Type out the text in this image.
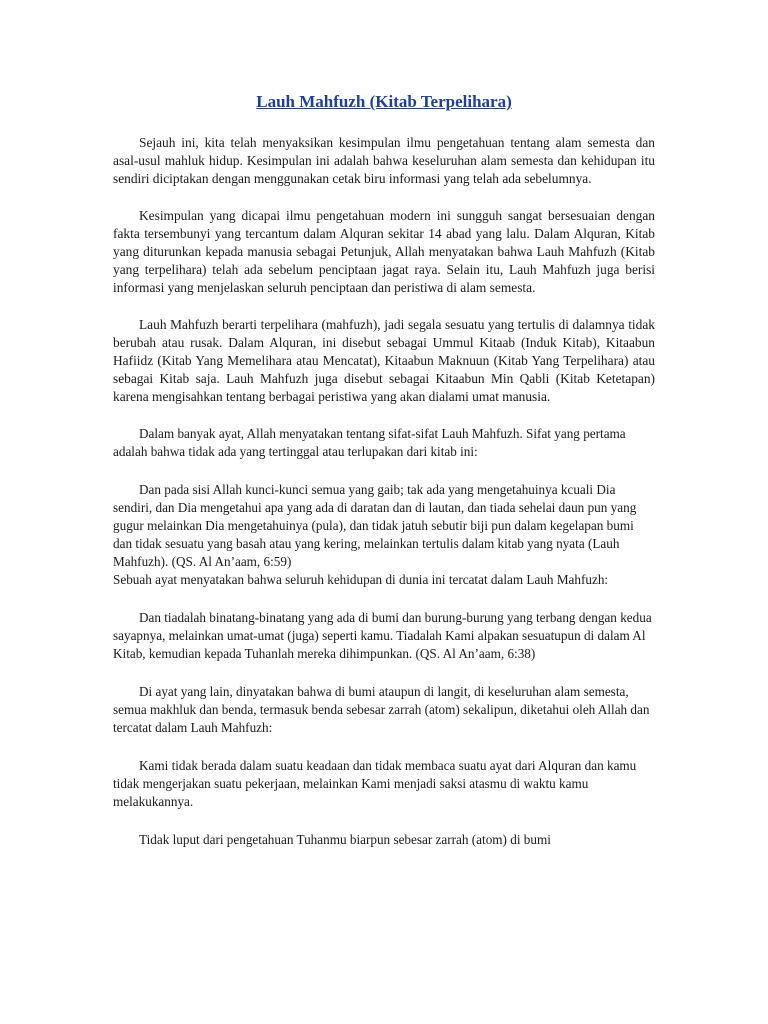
Lauh Mahfuzh (Kitab Terpelihara)

Sejauh ini, kita telah menyaksikan kesimpulan ilmu pengetahuan tentang alam semesta dan asal-usul mahluk hidup. Kesimpulan ini adalah bahwa keseluruhan alam semesta dan kehidupan itu sendiri diciptakan dengan menggunakan cetak biru informasi yang telah ada sebelumnya.

Kesimpulan yang dicapai ilmu pengetahuan modern ini sungguh sangat bersesuaian dengan fakta tersembunyi yang tercantum dalam Alquran sekitar 14 abad yang lalu. Dalam Alquran, Kitab yang diturunkan kepada manusia sebagai Petunjuk, Allah menyatakan bahwa Lauh Mahfuzh (Kitab yang terpelihara) telah ada sebelum penciptaan jagat raya. Selain itu, Lauh Mahfuzh juga berisi informasi yang menjelaskan seluruh penciptaan dan peristiwa di alam semesta.

Lauh Mahfuzh berarti terpelihara (mahfuzh), jadi segala sesuatu yang tertulis di dalamnya tidak berubah atau rusak. Dalam Alquran, ini disebut sebagai Ummul Kitaab (Induk Kitab), Kitaabun Hafiidz (Kitab Yang Memelihara atau Mencatat), Kitaabun Maknuun (Kitab Yang Terpelihara) atau sebagai Kitab saja. Lauh Mahfuzh juga disebut sebagai Kitaabun Min Qabli (Kitab Ketetapan) karena mengisahkan tentang berbagai peristiwa yang akan dialami umat manusia.

Dalam banyak ayat, Allah menyatakan tentang sifat-sifat Lauh Mahfuzh. Sifat yang pertama adalah bahwa tidak ada yang tertinggal atau terlupakan dari kitab ini:

Dan pada sisi Allah kunci-kunci semua yang gaib; tak ada yang mengetahuinya kcuali Dia sendiri, dan Dia mengetahui apa yang ada di daratan dan di lautan, dan tiada sehelai daun pun yang gugur melainkan Dia mengetahuinya (pula), dan tidak jatuh sebutir biji pun dalam kegelapan bumi dan tidak sesuatu yang basah atau yang kering, melainkan tertulis dalam kitab yang nyata (Lauh Mahfuzh). (QS. Al An’aam, 6:59)

Sebuah ayat menyatakan bahwa seluruh kehidupan di dunia ini tercatat dalam Lauh Mahfuzh:

Dan tiadalah binatang-binatang yang ada di bumi dan burung-burung yang terbang dengan kedua sayapnya, melainkan umat-umat (juga) seperti kamu. Tiadalah Kami alpakan sesuatupun di dalam Al Kitab, kemudian kepada Tuhanlah mereka dihimpunkan. (QS. Al An’aam, 6:38)

Di ayat yang lain, dinyatakan bahwa di bumi ataupun di langit, di keseluruhan alam semesta, semua makhluk dan benda, termasuk benda sebesar zarrah (atom) sekalipun, diketahui oleh Allah dan tercatat dalam Lauh Mahfuzh:

Kami tidak berada dalam suatu keadaan dan tidak membaca suatu ayat dari Alquran dan kamu tidak mengerjakan suatu pekerjaan, melainkan Kami menjadi saksi atasmu di waktu kamu melakukannya.

Tidak luput dari pengetahuan Tuhanmu biarpun sebesar zarrah (atom) di bumi
